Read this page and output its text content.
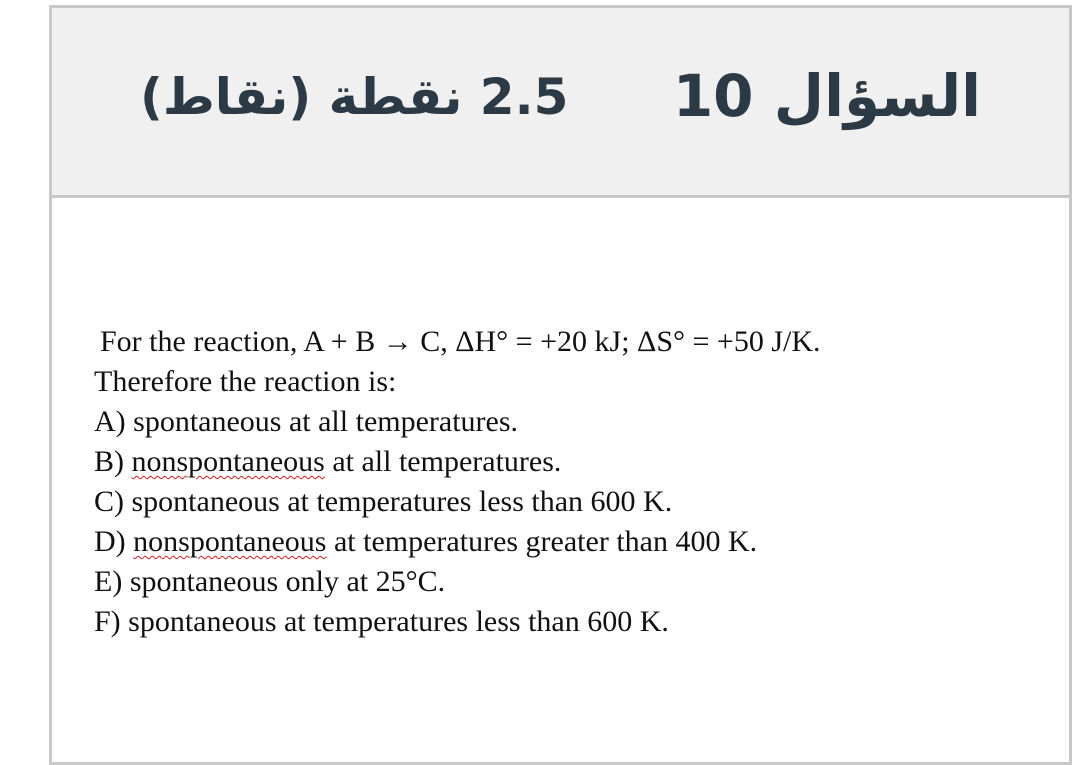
السؤال 10
2.5 نقطة (نقاط)
For the reaction, A + B → C, ΔH° = +20 kJ; ΔS° = +50 J/K.
Therefore the reaction is:
A) spontaneous at all temperatures.
B) nonspontaneous at all temperatures.
C) spontaneous at temperatures less than 600 K.
D) nonspontaneous at temperatures greater than 400 K.
E) spontaneous only at 25°C.
F) spontaneous at temperatures less than 600 K.
